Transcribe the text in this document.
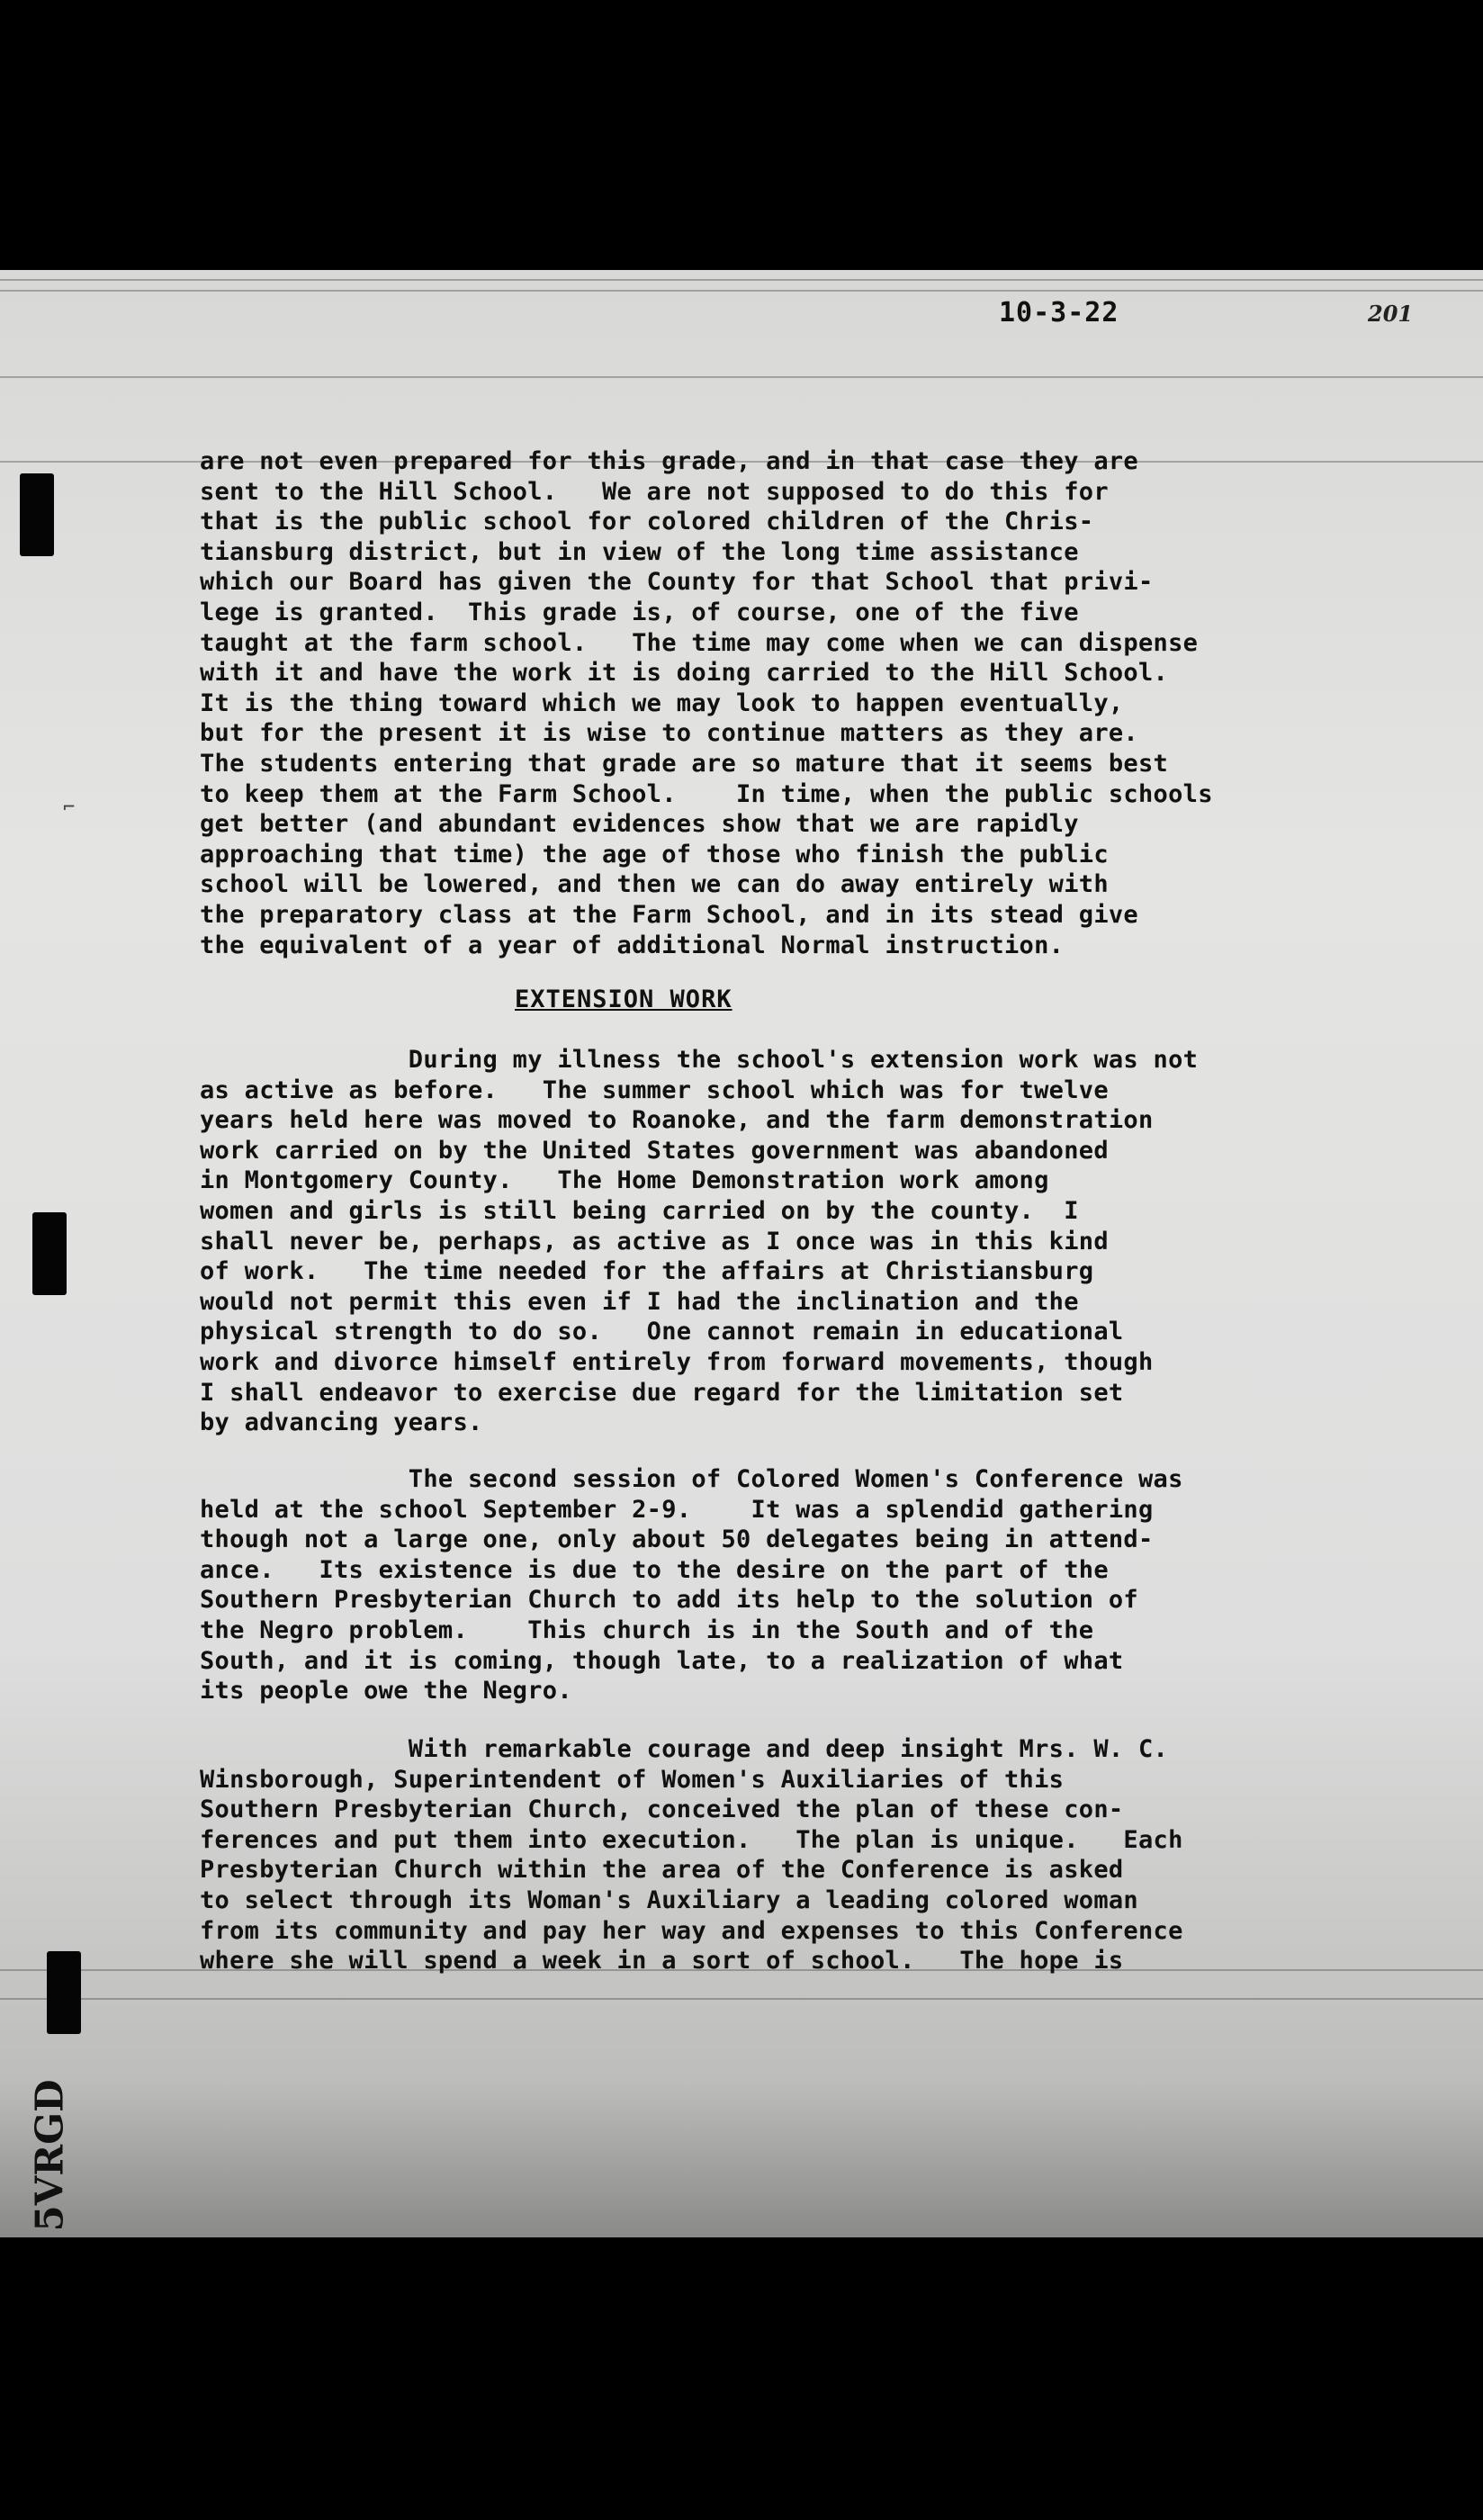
10-3-22	201
⌐
are not even prepared for this grade, and in that case they are
sent to the Hill School.   We are not supposed to do this for
that is the public school for colored children of the Chris-
tiansburg district, but in view of the long time assistance
which our Board has given the County for that School that privi-
lege is granted.  This grade is, of course, one of the five
taught at the farm school.   The time may come when we can dispense
with it and have the work it is doing carried to the Hill School.
It is the thing toward which we may look to happen eventually,
but for the present it is wise to continue matters as they are.
The students entering that grade are so mature that it seems best
to keep them at the Farm School.    In time, when the public schools
get better (and abundant evidences show that we are rapidly
approaching that time) the age of those who finish the public
school will be lowered, and then we can do away entirely with
the preparatory class at the Farm School, and in its stead give
the equivalent of a year of additional Normal instruction.
EXTENSION WORK
During my illness the school's extension work was not
as active as before.   The summer school which was for twelve
years held here was moved to Roanoke, and the farm demonstration
work carried on by the United States government was abandoned
in Montgomery County.   The Home Demonstration work among
women and girls is still being carried on by the county.  I
shall never be, perhaps, as active as I once was in this kind
of work.   The time needed for the affairs at Christiansburg
would not permit this even if I had the inclination and the
physical strength to do so.   One cannot remain in educational
work and divorce himself entirely from forward movements, though
I shall endeavor to exercise due regard for the limitation set
by advancing years.
The second session of Colored Women's Conference was
held at the school September 2-9.    It was a splendid gathering
though not a large one, only about 50 delegates being in attend-
ance.   Its existence is due to the desire on the part of the
Southern Presbyterian Church to add its help to the solution of
the Negro problem.    This church is in the South and of the
South, and it is coming, though late, to a realization of what
its people owe the Negro.
With remarkable courage and deep insight Mrs. W. C.
Winsborough, Superintendent of Women's Auxiliaries of this
Southern Presbyterian Church, conceived the plan of these con-
ferences and put them into execution.   The plan is unique.   Each
Presbyterian Church within the area of the Conference is asked
to select through its Woman's Auxiliary a leading colored woman
from its community and pay her way and expenses to this Conference
where she will spend a week in a sort of school.   The hope is
5VRGD
